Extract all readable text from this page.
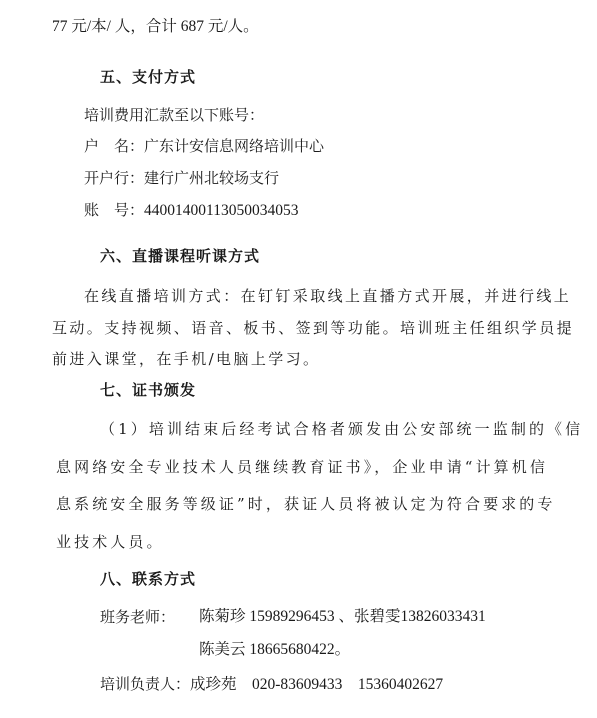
77 元/本/ 人，合计 687 元/人。
五、支付方式
培训费用汇款至以下账号：
户　名：广东计安信息网络培训中心
开户行：建行广州北较场支行
账　号：44001400113050034053
六、直播课程听课方式
在线直播培训方式：在钉钉采取线上直播方式开展，并进行线上
互动。支持视频、语音、板书、签到等功能。培训班主任组织学员提
前进入课堂，在手机/电脑上学习。
七、证书颁发
（1）培训结束后经考试合格者颁发由公安部统一监制的《信
息网络安全专业技术人员继续教育证书》，企业申请“计算机信
息系统安全服务等级证”时，获证人员将被认定为符合要求的专
业技术人员。
八、联系方式
班务老师： 陈菊珍 15989296453 、张碧雯13826033431
陈美云 18665680422。
培训负责人：成珍苑　020-83609433　15360402627
